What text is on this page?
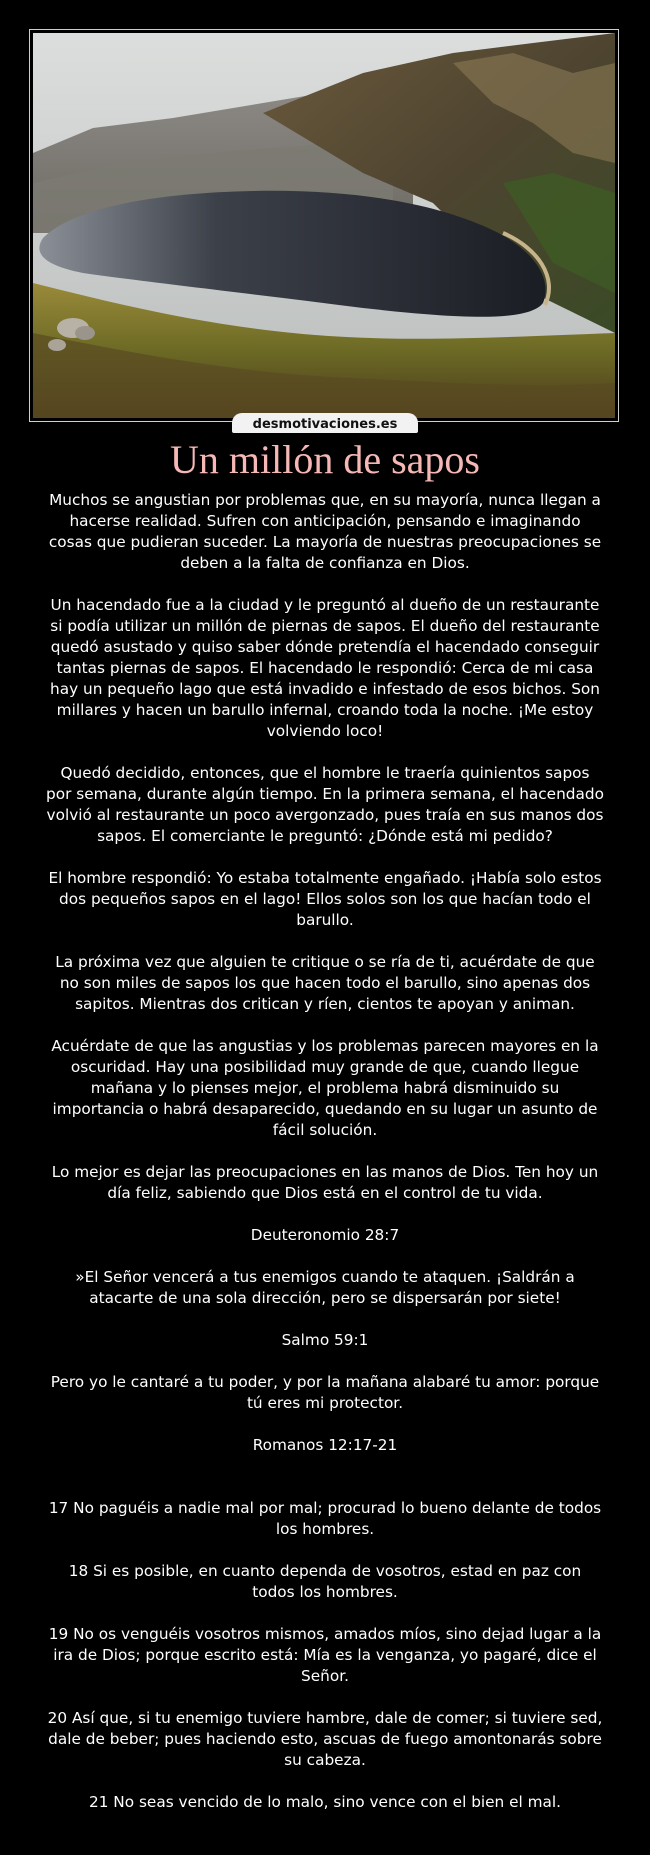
desmotivaciones.es
Un millón de sapos

Muchos se angustian por problemas que, en su mayoría, nunca llegan a hacerse realidad. Sufren con anticipación, pensando e imaginando cosas que pudieran suceder. La mayoría de nuestras preocupaciones se deben a la falta de confianza en Dios.

Un hacendado fue a la ciudad y le preguntó al dueño de un restaurante si podía utilizar un millón de piernas de sapos. El dueño del restaurante quedó asustado y quiso saber dónde pretendía el hacendado conseguir tantas piernas de sapos. El hacendado le respondió: Cerca de mi casa hay un pequeño lago que está invadido e infestado de esos bichos. Son millares y hacen un barullo infernal, croando toda la noche. ¡Me estoy volviendo loco!

Quedó decidido, entonces, que el hombre le traería quinientos sapos por semana, durante algún tiempo. En la primera semana, el hacendado volvió al restaurante un poco avergonzado, pues traía en sus manos dos sapos. El comerciante le preguntó: ¿Dónde está mi pedido?

El hombre respondió: Yo estaba totalmente engañado. ¡Había solo estos dos pequeños sapos en el lago! Ellos solos son los que hacían todo el barullo.

La próxima vez que alguien te critique o se ría de ti, acuérdate de que no son miles de sapos los que hacen todo el barullo, sino apenas dos sapitos. Mientras dos critican y ríen, cientos te apoyan y animan.

Acuérdate de que las angustias y los problemas parecen mayores en la oscuridad. Hay una posibilidad muy grande de que, cuando llegue mañana y lo pienses mejor, el problema habrá disminuido su importancia o habrá desaparecido, quedando en su lugar un asunto de fácil solución.

Lo mejor es dejar las preocupaciones en las manos de Dios. Ten hoy un día feliz, sabiendo que Dios está en el control de tu vida.

Deuteronomio 28:7

»El Señor vencerá a tus enemigos cuando te ataquen. ¡Saldrán a atacarte de una sola dirección, pero se dispersarán por siete!

Salmo 59:1

Pero yo le cantaré a tu poder, y por la mañana alabaré tu amor: porque tú eres mi protector.

Romanos 12:17-21

17 No paguéis a nadie mal por mal; procurad lo bueno delante de todos los hombres.

18 Si es posible, en cuanto dependa de vosotros, estad en paz con todos los hombres.

19 No os venguéis vosotros mismos, amados míos, sino dejad lugar a la ira de Dios; porque escrito está: Mía es la venganza, yo pagaré, dice el Señor.

20 Así que, si tu enemigo tuviere hambre, dale de comer; si tuviere sed, dale de beber; pues haciendo esto, ascuas de fuego amontonarás sobre su cabeza.

21 No seas vencido de lo malo, sino vence con el bien el mal.
